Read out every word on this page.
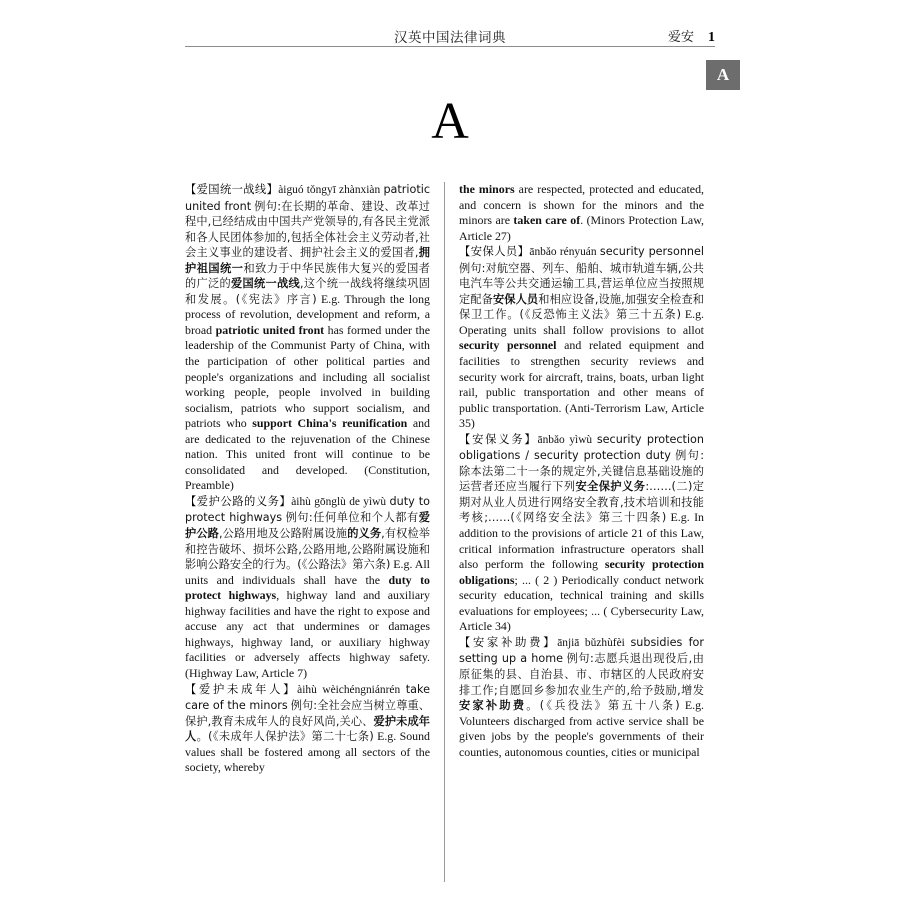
汉英中国法律词典	爱安 1
A
A
【爱国统一战线】àiguó tǒngyī zhànxiàn patriotic united front 例句:在长期的革命、建设、改革过程中,已经结成由中国共产党领导的,有各民主党派和各人民团体参加的,包括全体社会主义劳动者,社会主义事业的建设者、拥护社会主义的爱国者,拥护祖国统一和致力于中华民族伟大复兴的爱国者的广泛的爱国统一战线,这个统一战线将继续巩固和发展。(《宪法》序言) E.g. Through the long process of revolution, development and reform, a broad patriotic united front has formed under the leadership of the Communist Party of China, with the participation of other political parties and people's organizations and including all socialist working people, people involved in building socialism, patriots who support socialism, and patriots who support China's reunification and are dedicated to the rejuvenation of the Chinese nation. This united front will continue to be consolidated and developed. (Constitution, Preamble)
【爱护公路的义务】àihù gōnglù de yìwù duty to protect highways 例句:任何单位和个人都有爱护公路,公路用地及公路附属设施的义务,有权检举和控告破坏、损坏公路,公路用地,公路附属设施和影响公路安全的行为。(《公路法》第六条) E.g. All units and individuals shall have the duty to protect highways, highway land and auxiliary highway facilities and have the right to expose and accuse any act that undermines or damages highways, highway land, or auxiliary highway facilities or adversely affects highway safety. (Highway Law, Article 7)
【爱护未成年人】àihù wèichéngniánrén take care of the minors 例句:全社会应当树立尊重、保护,教育未成年人的良好风尚,关心、爱护未成年人。(《未成年人保护法》第二十七条) E.g. Sound values shall be fostered among all sectors of the society, whereby
the minors are respected, protected and educated, and concern is shown for the minors and the minors are taken care of. (Minors Protection Law, Article 27)
【安保人员】ānbǎo rényuán security personnel 例句:对航空器、列车、船舶、城市轨道车辆,公共电汽车等公共交通运输工具,营运单位应当按照规定配备安保人员和相应设备,设施,加强安全检查和保卫工作。(《反恐怖主义法》第三十五条) E.g. Operating units shall follow provisions to allot security personnel and related equipment and facilities to strengthen security reviews and security work for aircraft, trains, boats, urban light rail, public transportation and other means of public transportation. (Anti-Terrorism Law, Article 35)
【安保义务】ānbǎo yìwù security protection obligations / security protection duty 例句:除本法第二十一条的规定外,关键信息基础设施的运营者还应当履行下列安全保护义务:……(二)定期对从业人员进行网络安全教育,技术培训和技能考核;……(《网络安全法》第三十四条) E.g. In addition to the provisions of article 21 of this Law, critical information infrastructure operators shall also perform the following security protection obligations; ... ( 2 ) Periodically conduct network security education, technical training and skills evaluations for employees; ... ( Cybersecurity Law, Article 34)
【安家补助费】ānjiā bǔzhùfèi subsidies for setting up a home 例句:志愿兵退出现役后,由原征集的县、自治县、市、市辖区的人民政府安排工作;自愿回乡参加农业生产的,给予鼓励,增发安家补助费。(《兵役法》第五十八条) E.g. Volunteers discharged from active service shall be given jobs by the people's governments of their counties, autonomous counties, cities or municipal
